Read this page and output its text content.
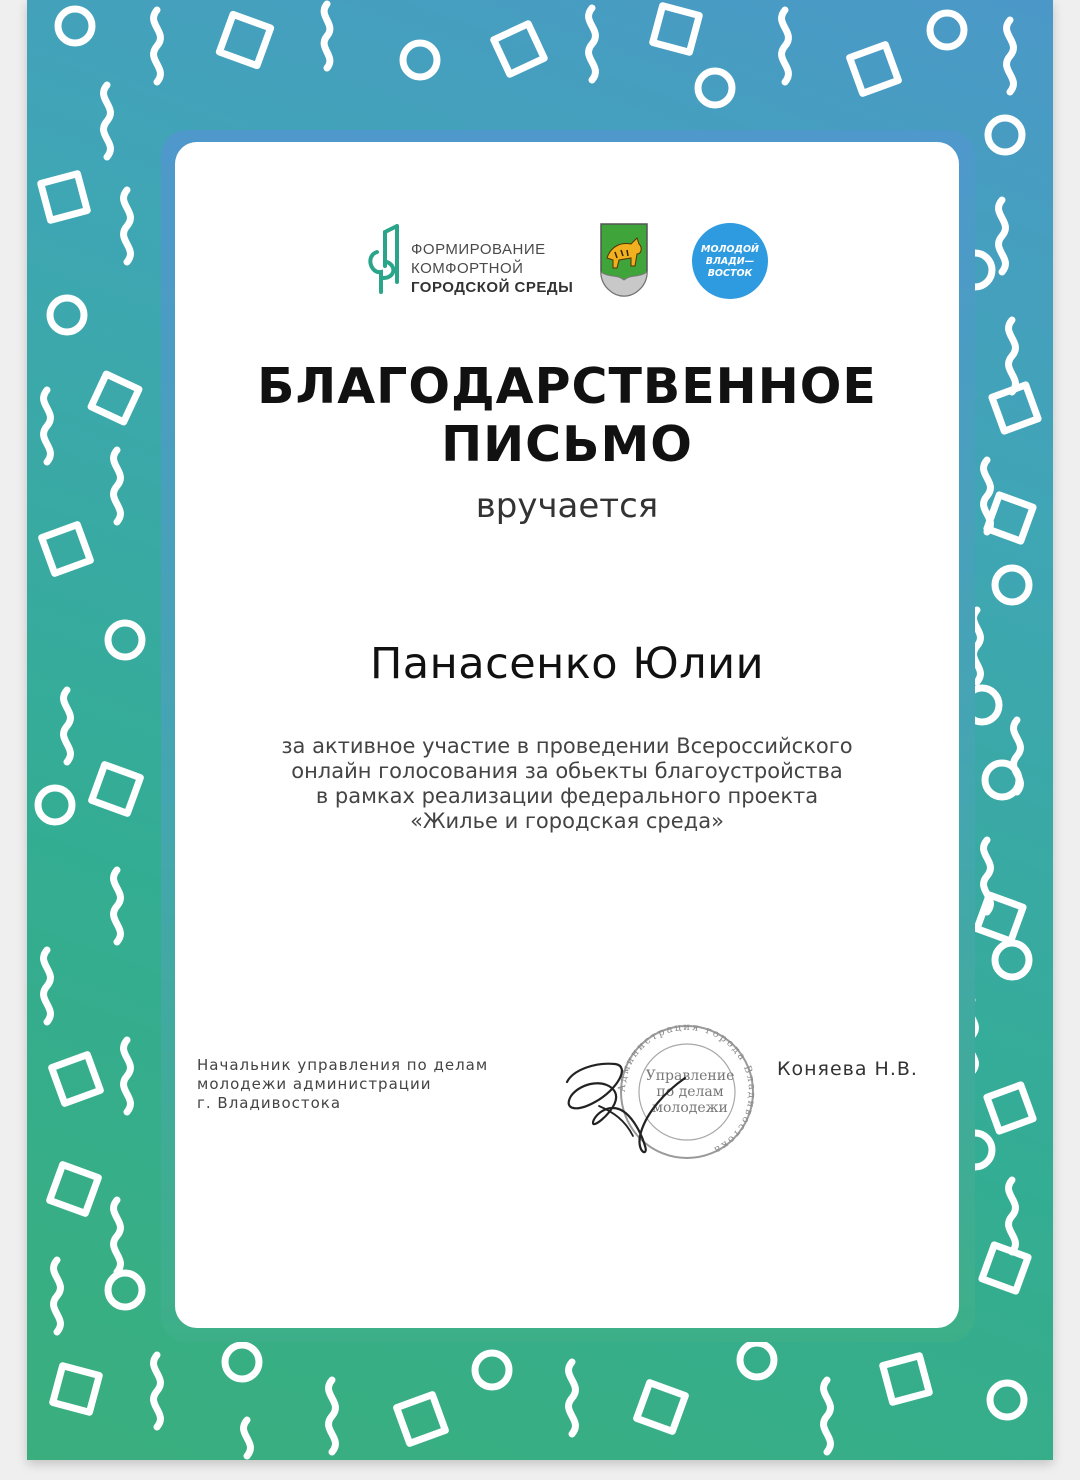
ФОРМИРОВАНИЕ
КОМФОРТНОЙ
ГОРОДСКОЙ СРЕДЫ
МОЛОДОЙ
ВЛАДИ—
ВОСТОК
БЛАГОДАРСТВЕННОЕ
ПИСЬМО
вручается
Панасенко Юлии
за активное участие в проведении Всероссийского
онлайн голосования за обьекты благоустройства
в рамках реализации федерального проекта
«Жилье и городская среда»
Начальник управления по делам
молодежи администрации
г. Владивостока
Администрация города Владивостока
Управление
по делам
молодежи
Коняева Н.В.
